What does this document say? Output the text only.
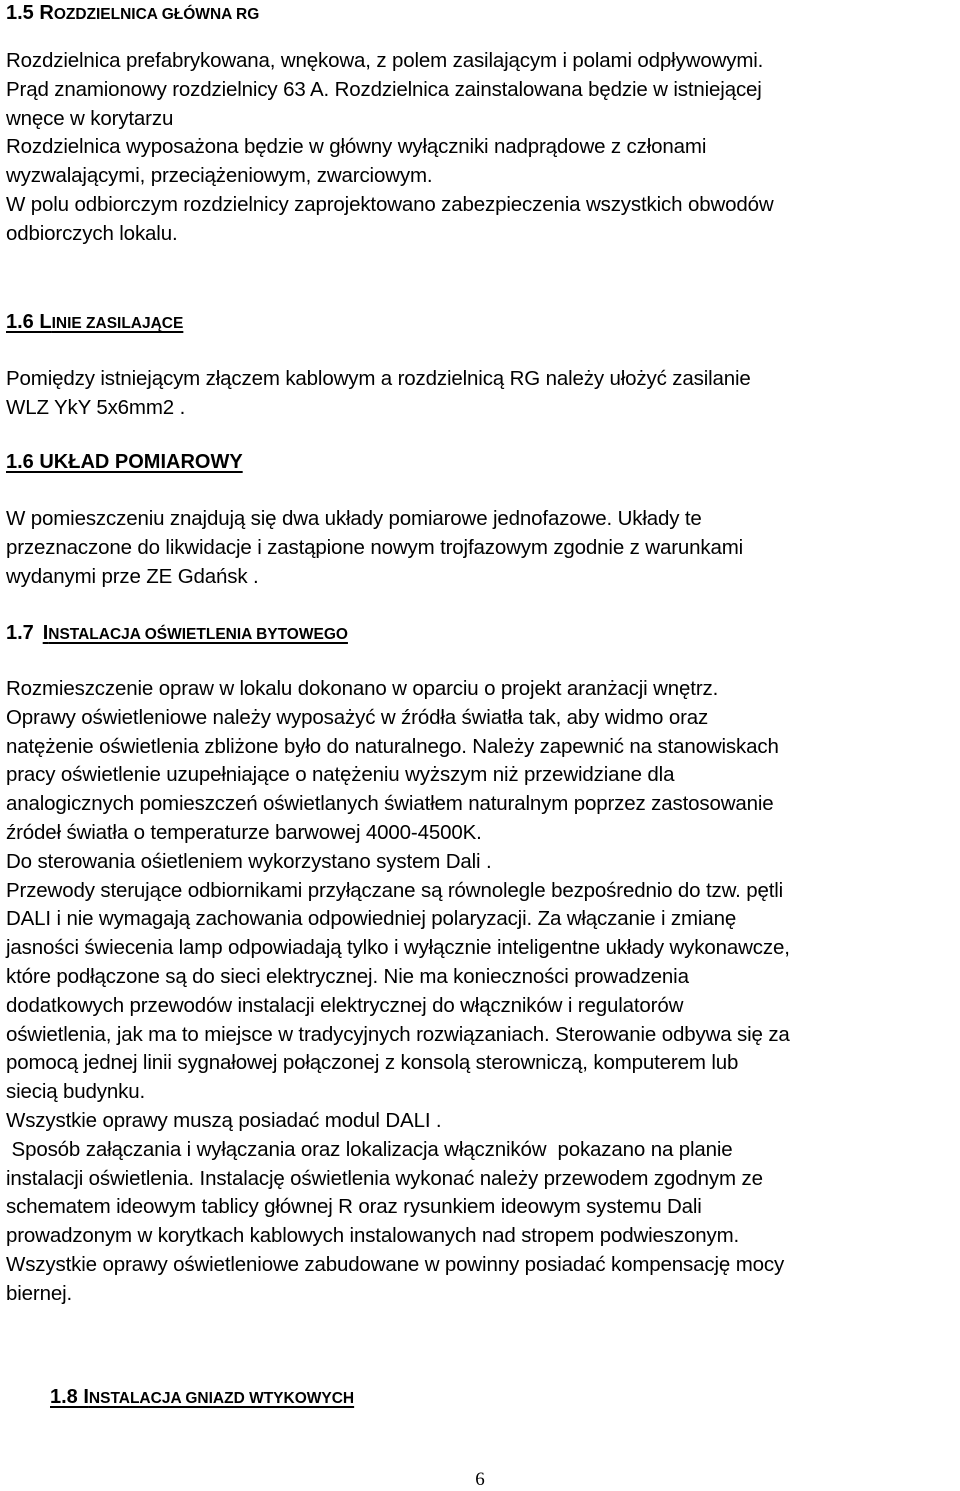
1.5 ROZDZIELNICA GŁÓWNA RG
Rozdzielnica prefabrykowana, wnękowa, z polem zasilającym i polami odpływowymi.
Prąd znamionowy rozdzielnicy 63 A. Rozdzielnica zainstalowana będzie w istniejącej
wnęce w korytarzu
Rozdzielnica wyposażona będzie w główny wyłączniki nadprądowe z członami
wyzwalającymi, przeciążeniowym, zwarciowym.
W polu odbiorczym rozdzielnicy zaprojektowano zabezpieczenia wszystkich obwodów
odbiorczych lokalu.
1.6 LINIE ZASILAJĄCE
Pomiędzy istniejącym złączem kablowym a rozdzielnicą RG należy ułożyć zasilanie
WLZ YkY 5x6mm2 .
1.6 UKŁAD POMIAROWY
W pomieszczeniu znajdują się dwa układy pomiarowe jednofazowe. Układy te
przeznaczone do likwidacje i zastąpione nowym trojfazowym zgodnie z warunkami
wydanymi prze ZE Gdańsk .
1.7 INSTALACJA OŚWIETLENIA BYTOWEGO
Rozmieszczenie opraw w lokalu dokonano w oparciu o projekt aranżacji wnętrz.
Oprawy oświetleniowe należy wyposażyć w źródła światła tak, aby widmo oraz
natężenie oświetlenia zbliżone było do naturalnego. Należy zapewnić na stanowiskach
pracy oświetlenie uzupełniające o natężeniu wyższym niż przewidziane dla
analogicznych pomieszczeń oświetlanych światłem naturalnym poprzez zastosowanie
źródeł światła o temperaturze barwowej 4000-4500K.
Do sterowania ośietleniem wykorzystano system Dali .
Przewody sterujące odbiornikami przyłączane są równolegle bezpośrednio do tzw. pętli
DALI i nie wymagają zachowania odpowiedniej polaryzacji. Za włączanie i zmianę
jasności świecenia lamp odpowiadają tylko i wyłącznie inteligentne układy wykonawcze,
które podłączone są do sieci elektrycznej. Nie ma konieczności prowadzenia
dodatkowych przewodów instalacji elektrycznej do włączników i regulatorów
oświetlenia, jak ma to miejsce w tradycyjnych rozwiązaniach. Sterowanie odbywa się za
pomocą jednej linii sygnałowej połączonej z konsolą sterowniczą, komputerem lub
siecią budynku.
Wszystkie oprawy muszą posiadać modul DALI .
Sposób załączania i wyłączania oraz lokalizacja włączników  pokazano na planie
instalacji oświetlenia. Instalację oświetlenia wykonać należy przewodem zgodnym ze
schematem ideowym tablicy głównej R oraz rysunkiem ideowym systemu Dali
prowadzonym w korytkach kablowych instalowanych nad stropem podwieszonym.
Wszystkie oprawy oświetleniowe zabudowane w powinny posiadać kompensację mocy
biernej.
1.8 INSTALACJA GNIAZD WTYKOWYCH
6
